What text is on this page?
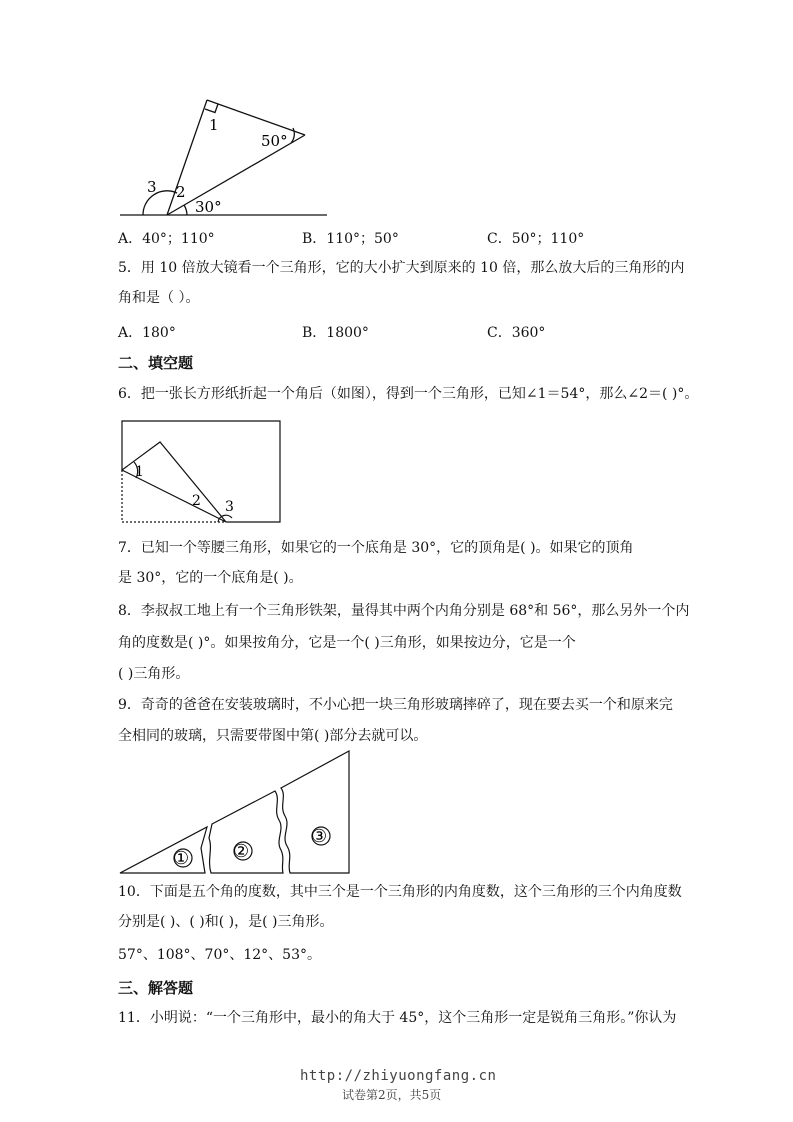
1
50°
2
3
30°
A．40°；110°	B．110°；50°	C．50°；110°
5．用 10 倍放大镜看一个三角形，它的大小扩大到原来的 10 倍，那么放大后的三角形的内
角和是（ ）。
A．180°	B．1800°	C．360°
二、填空题
6．把一张长方形纸折起一个角后（如图），得到一个三角形，已知∠1＝54°，那么∠2＝( )°。
1
2 3
7．已知一个等腰三角形，如果它的一个底角是 30°，它的顶角是( )。如果它的顶角
是 30°，它的一个底角是( )。
8．李叔叔工地上有一个三角形铁架，量得其中两个内角分别是 68°和 56°，那么另外一个内
角的度数是( )°。如果按角分，它是一个( )三角形，如果按边分，它是一个
( )三角形。
9．奇奇的爸爸在安装玻璃时，不小心把一块三角形玻璃摔碎了，现在要去买一个和原来完
全相同的玻璃，只需要带图中第( )部分去就可以。
① ②
③
10．下面是五个角的度数，其中三个是一个三角形的内角度数，这个三角形的三个内角度数
分别是( )、( )和( )，是( )三角形。
57°、108°、70°、12°、53°。
三、解答题
11．小明说：“一个三角形中，最小的角大于 45°，这个三角形一定是锐角三角形。”你认为
http://zhiyuongfang.cn
试卷第2页，共5页
